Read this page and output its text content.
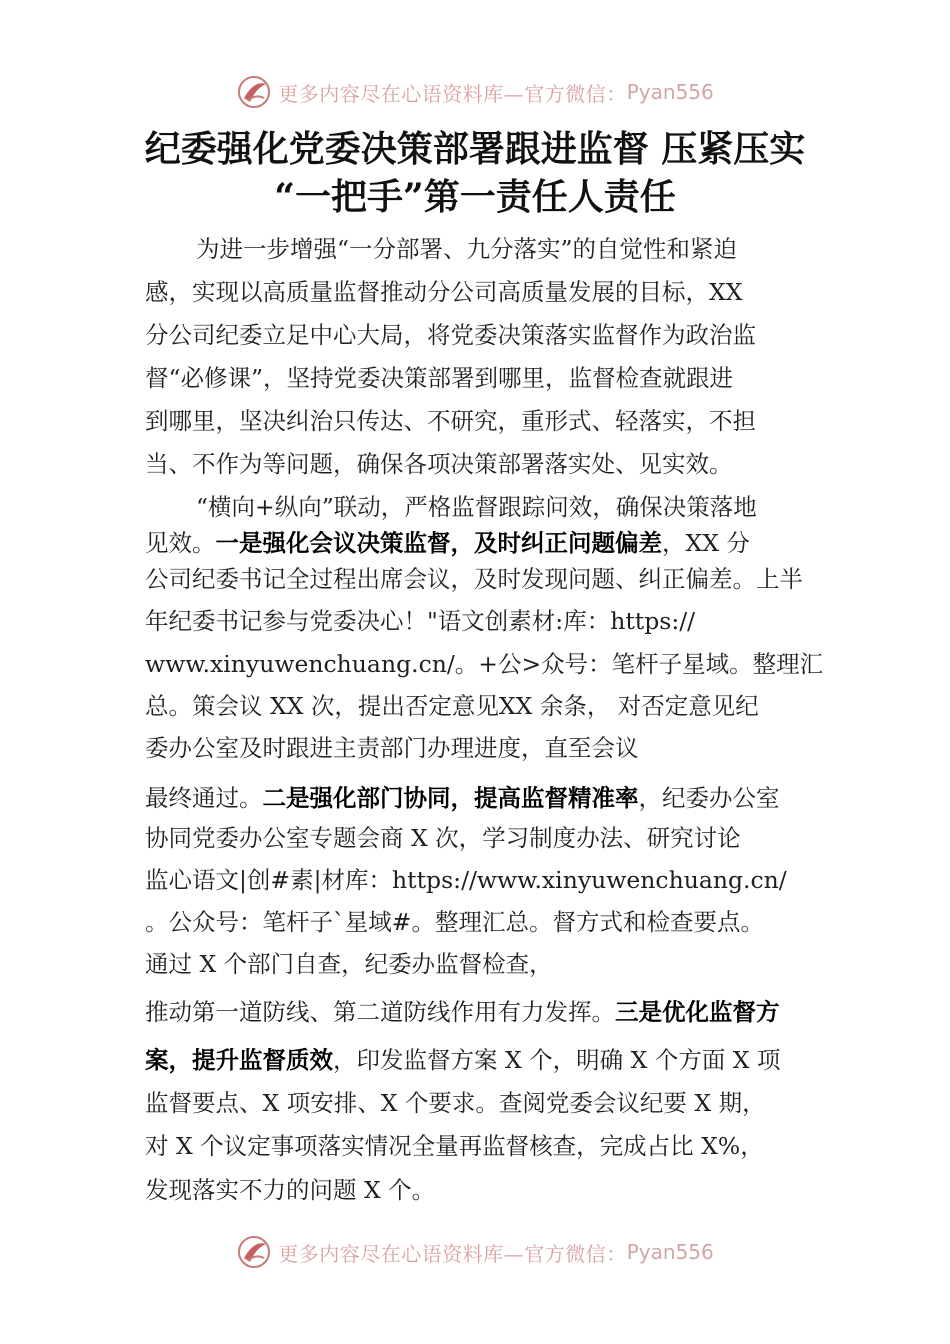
更多内容尽在心语资料库—官方微信： Pyan556
纪委强化党委决策部署跟进监督 压紧压实
“一把手”第一责任人责任
为进一步增强“一分部署、九分落实”的自觉性和紧迫
感，实现以高质量监督推动分公司高质量发展的目标，XX
分公司纪委立足中心大局，将党委决策落实监督作为政治监
督“必修课”，坚持党委决策部署到哪里，监督检查就跟进
到哪里，坚决纠治只传达、不研究，重形式、轻落实，不担
当、不作为等问题，确保各项决策部署落实处、见实效。
“横向+纵向”联动，严格监督跟踪问效，确保决策落地
见效。一是强化会议决策监督，及时纠正问题偏差，XX 分
公司纪委书记全过程出席会议，及时发现问题、纠正偏差。上半
年纪委书记参与党委决心！"语文创素材:库：https://
www.xinyuwenchuang.cn/。+公>众号：笔杆子星域。整理汇
总。策会议 XX 次，提出否定意见XX 余条， 对否定意见纪
委办公室及时跟进主责部门办理进度，直至会议
最终通过。二是强化部门协同，提高监督精准率，纪委办公室
协同党委办公室专题会商 X 次，学习制度办法、研究讨论
监心语文|创#素|材库：https://www.xinyuwenchuang.cn/
。公众号：笔杆子`星域#。整理汇总。督方式和检查要点。
通过 X 个部门自查，纪委办监督检查，
推动第一道防线、第二道防线作用有力发挥。三是优化监督方
案，提升监督质效，印发监督方案 X 个，明确 X 个方面 X 项
监督要点、X 项安排、X 个要求。查阅党委会议纪要 X 期，
对 X 个议定事项落实情况全量再监督核查，完成占比 X%，
发现落实不力的问题 X 个。
更多内容尽在心语资料库—官方微信： Pyan556
